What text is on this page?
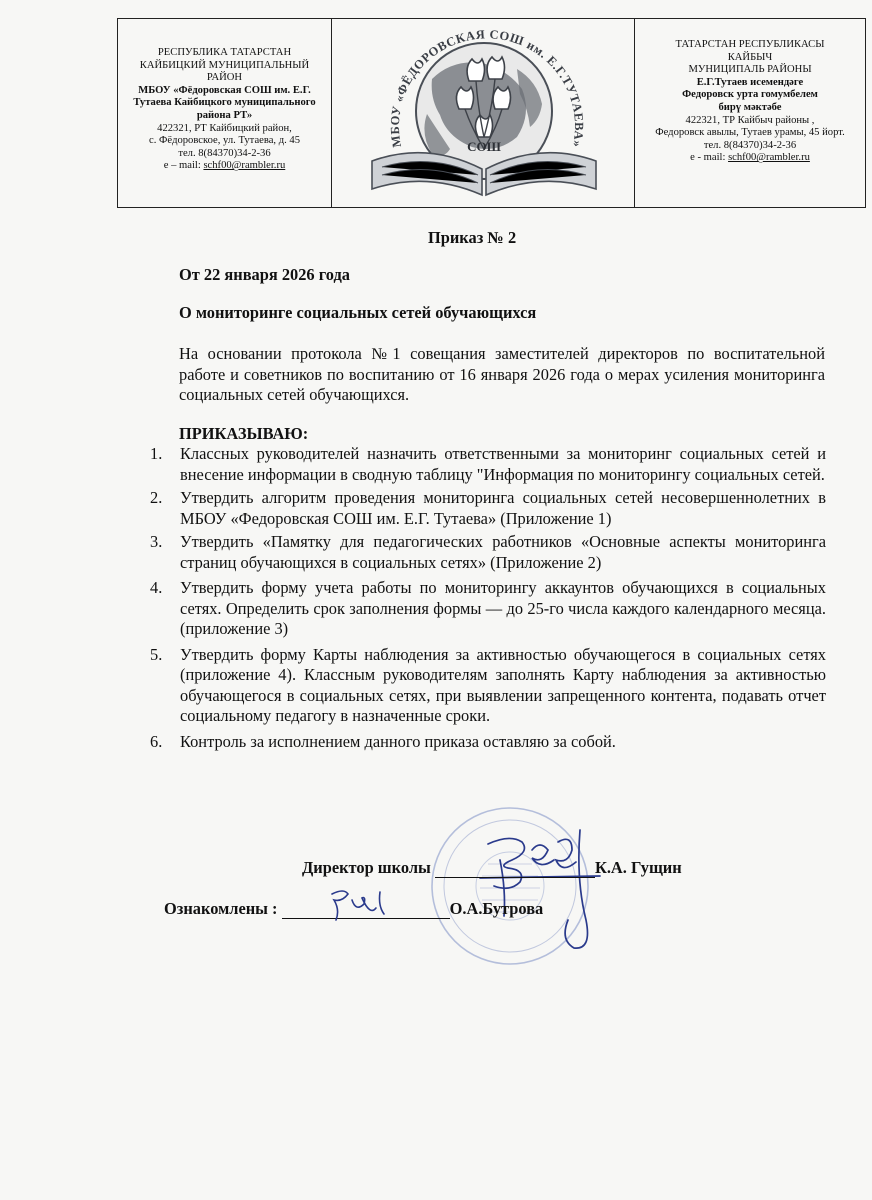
РЕСПУБЛИКА ТАТАРСТАН
КАЙБИЦКИЙ МУНИЦИПАЛЬНЫЙ
РАЙОН
МБОУ «Фёдоровская СОШ им. Е.Г.
Тутаева Кайбицкого муниципального
района РТ»
422321, РТ Кайбицкий район,
с. Фёдоровское, ул. Тутаева, д. 45
тел. 8(84370)34-2-36
e – mail: schf00@rambler.ru
СОШ
МБОУ «ФЁДОРОВСКАЯ СОШ им. Е.Г.ТУТАЕВА»
ТАТАРСТАН РЕСПУБЛИКАСЫ
КАЙБЫЧ
МУНИЦИПАЛЬ РАЙОНЫ
Е.Г.Тутаев исемендәге
Федоровск урта гомумбелем
бирү мәктәбе
422321, ТР Кайбыч районы ,
Федоровск авылы, Тутаев урамы, 45 йорт.
тел. 8(84370)34-2-36
e - mail: schf00@rambler.ru
Приказ № 2
От 22 января 2026 года
О мониторинге социальных сетей обучающихся
На основании протокола №1 совещания заместителей директоров по воспитательной работе и советников по воспитанию от 16 января 2026 года о мерах усиления мониторинга социальных сетей обучающихся.
ПРИКАЗЫВАЮ:
1. Классных руководителей назначить ответственными за мониторинг социальных сетей и внесение информации в сводную таблицу "Информация по мониторингу социальных сетей.
2. Утвердить алгоритм проведения мониторинга социальных сетей несовершеннолетних в МБОУ «Федоровская СОШ им. Е.Г. Тутаева» (Приложение 1)
3. Утвердить «Памятку для педагогических работников «Основные аспекты мониторинга страниц обучающихся в социальных сетях» (Приложение 2)
4. Утвердить форму учета работы по мониторингу аккаунтов обучающихся в социальных сетях. Определить срок заполнения формы — до 25-го числа каждого календарного месяца. (приложение 3)
5. Утвердить форму Карты наблюдения за активностью обучающегося в социальных сетях (приложение 4). Классным руководителям заполнять Карту наблюдения за активностью обучающегося в социальных сетях, при выявлении запрещенного контента, подавать отчет социальному педагогу в назначенные сроки.
6. Контроль за исполнением данного приказа оставляю за собой.
Директор школы	К.А. Гущин
Ознакомлены :	О.А.Бутрова
